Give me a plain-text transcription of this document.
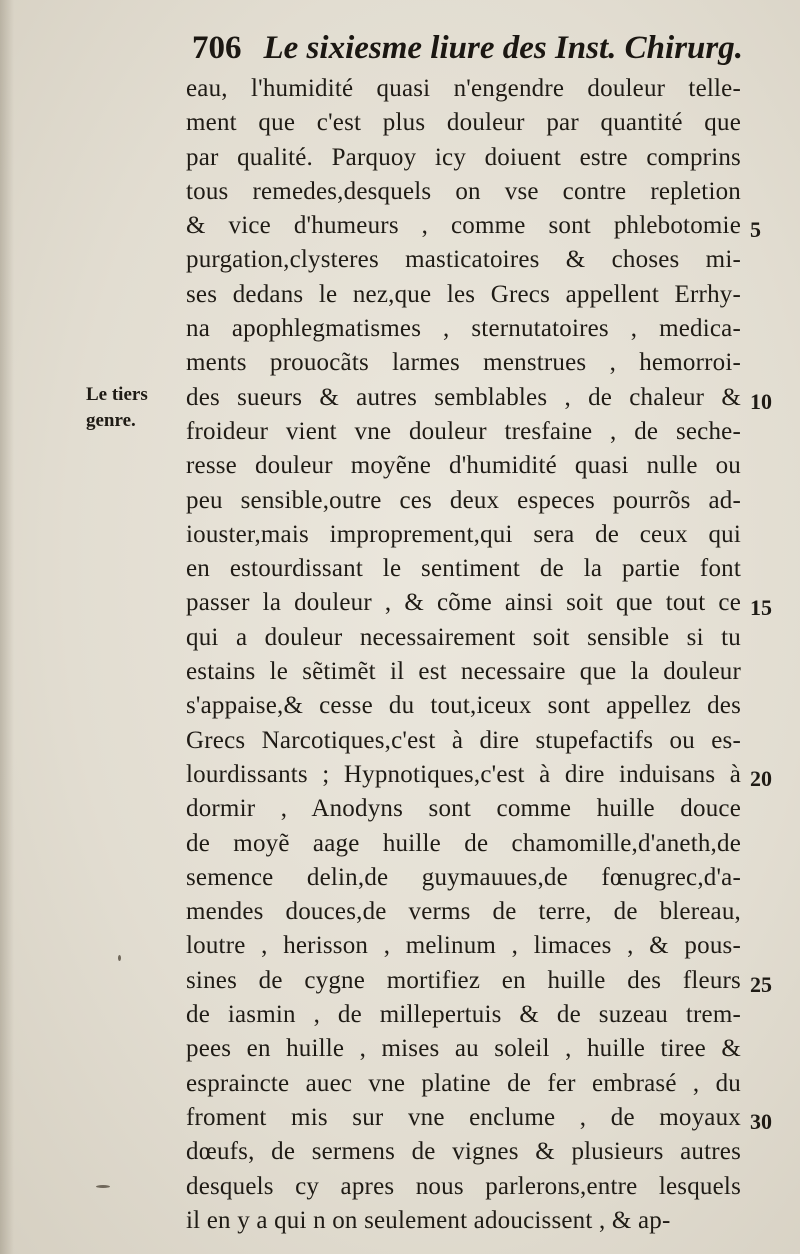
706 Le sixiesme liure des Inst. Chirurg.
Le tiers
genre.
eau, l'humidité quasi n'engendre douleur telle-
ment que c'est plus douleur par quantité que
par qualité. Parquoy icy doiuent estre comprins
tous remedes,desquels on vse contre repletion
& vice d'humeurs , comme sont phlebotomie
purgation,clysteres masticatoires & choses mi-
ses dedans le nez,que les Grecs appellent Errhy-
na apophlegmatismes , sternutatoires , medica-
ments prouocãts larmes menstrues , hemorroi-
des sueurs & autres semblables , de chaleur &
froideur vient vne douleur tresfaine , de seche-
resse douleur moyẽne d'humidité quasi nulle ou
peu sensible,outre ces deux especes pourrõs ad-
iouster,mais improprement,qui sera de ceux qui
en estourdissant le sentiment de la partie font
passer la douleur , & cõme ainsi soit que tout ce
qui a douleur necessairement soit sensible si tu
estains le sẽtimẽt il est necessaire que la douleur
s'appaise,& cesse du tout,iceux sont appellez des
Grecs Narcotiques,c'est à dire stupefactifs ou es-
lourdissants ; Hypnotiques,c'est à dire induisans à
dormir , Anodyns sont comme huille douce
de moyẽ aage huille de chamomille,d'aneth,de
semence delin,de guymauues,de fœnugrec,d'a-
mendes douces,de verms de terre, de blereau,
loutre , herisson , melinum , limaces , & pous-
sines de cygne mortifiez en huille des fleurs
de iasmin , de millepertuis & de suzeau trem-
pees en huille , mises au soleil , huille tiree &
espraincte auec vne platine de fer embrasé , du
froment mis sur vne enclume , de moyaux
dœufs, de sermens de vignes & plusieurs autres
desquels cy apres nous parlerons,entre lesquels
il en y a qui n on seulement adoucissent , & ap-
5
10
15
20
25
30
